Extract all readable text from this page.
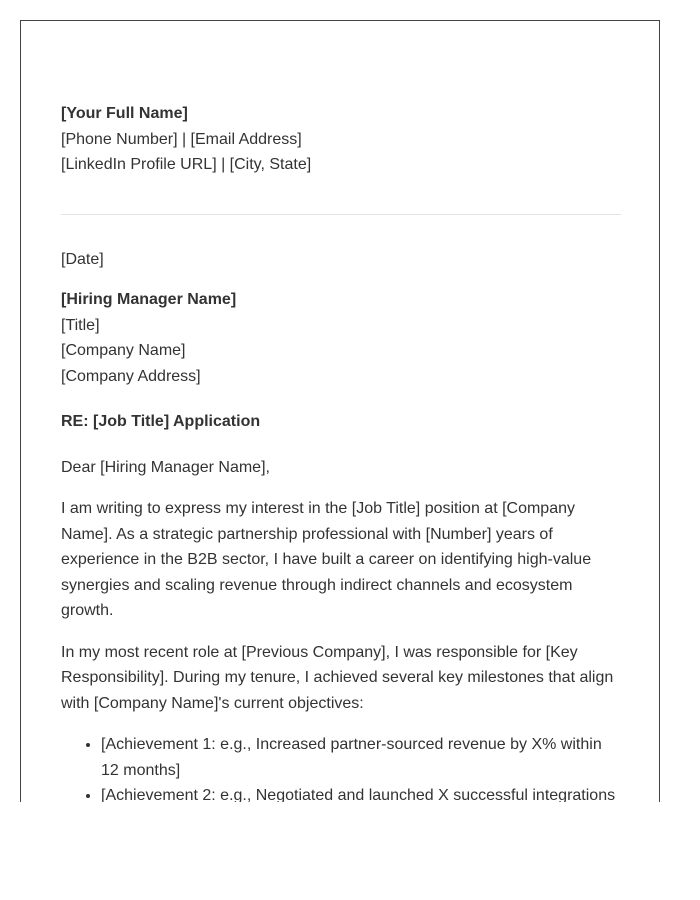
[Your Full Name]
[Phone Number] | [Email Address]
[LinkedIn Profile URL] | [City, State]
[Date]
[Hiring Manager Name]
[Title]
[Company Name]
[Company Address]
RE: [Job Title] Application
Dear [Hiring Manager Name],

I am writing to express my interest in the [Job Title] position at [Company Name]. As a strategic partnership professional with [Number] years of experience in the B2B sector, I have built a career on identifying high-value synergies and scaling revenue through indirect channels and ecosystem growth.

In my most recent role at [Previous Company], I was responsible for [Key Responsibility]. During my tenure, I achieved several key milestones that align with [Company Name]'s current objectives:

• [Achievement 1: e.g., Increased partner-sourced revenue by X% within 12 months]
• [Achievement 2: e.g., Negotiated and launched X successful integrations
